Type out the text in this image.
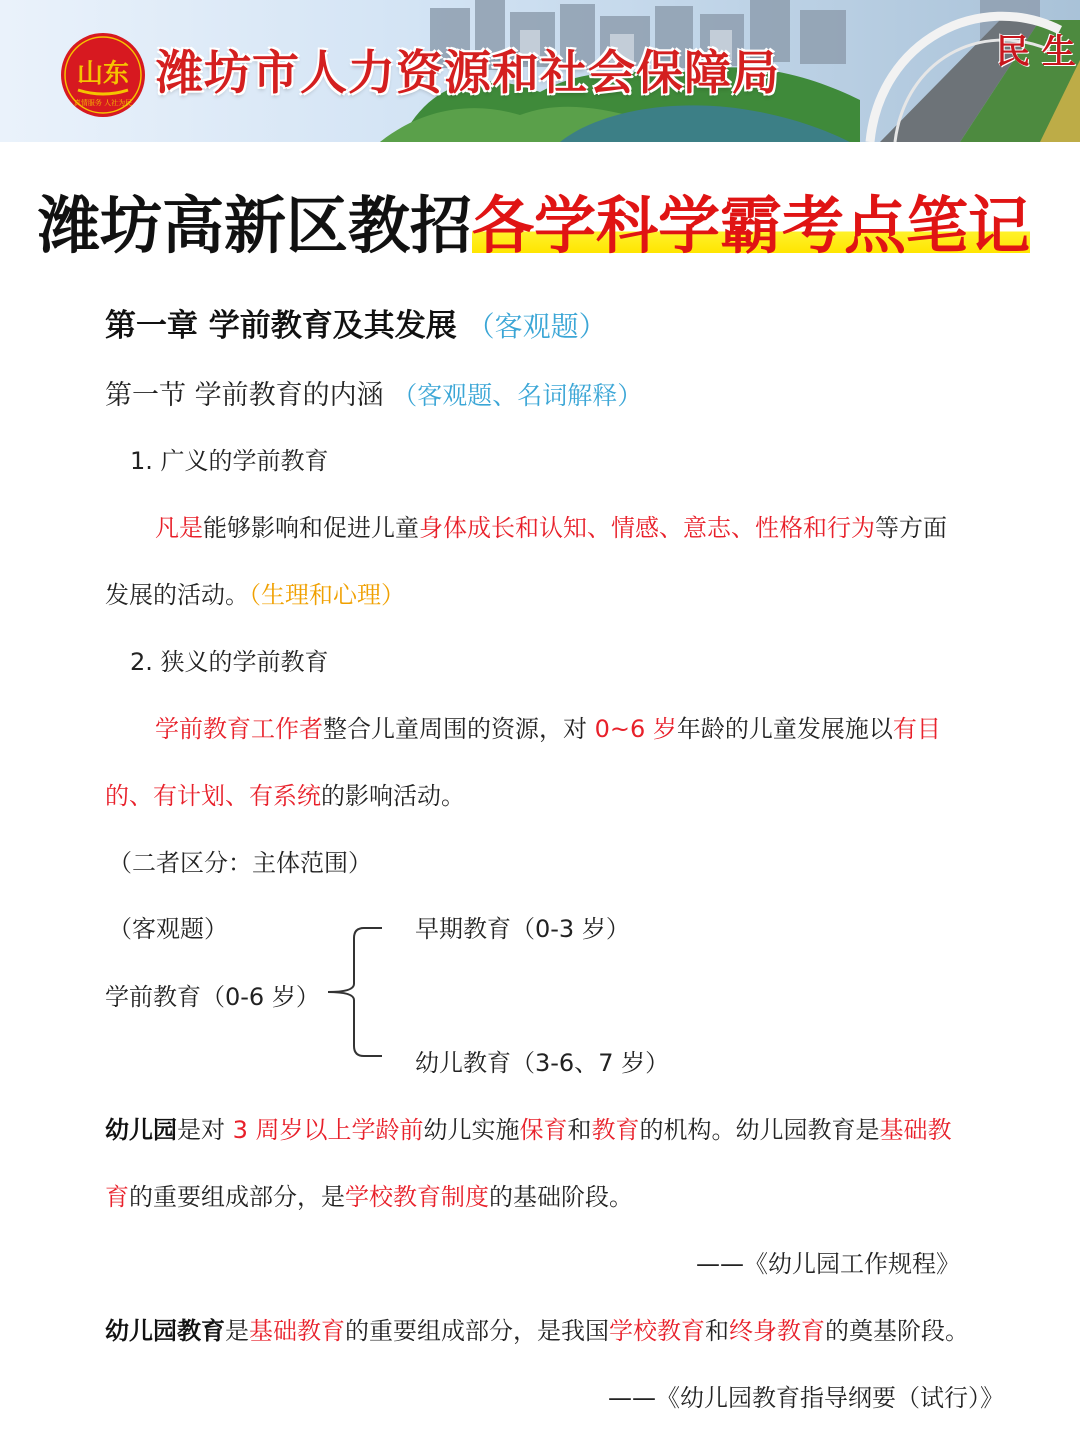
山东
真情服务 人社为民
潍坊市人力资源和社会保障局	民 生
潍坊高新区教招各学科学霸考点笔记
第一章 学前教育及其发展 （客观题）
第一节 学前教育的内涵 （客观题、名词解释）
1. 广义的学前教育
凡是能够影响和促进儿童身体成长和认知、情感、意志、性格和行为等方面
发展的活动。（生理和心理）
2. 狭义的学前教育
学前教育工作者整合儿童周围的资源，对 0~6 岁年龄的儿童发展施以有目
的、有计划、有系统的影响活动。
（二者区分：主体范围）
（客观题）
学前教育（0-6 岁）
早期教育（0-3 岁）
幼儿教育（3-6、7 岁）
幼儿园是对 3 周岁以上学龄前幼儿实施保育和教育的机构。幼儿园教育是基础教
育的重要组成部分，是学校教育制度的基础阶段。
——《幼儿园工作规程》
幼儿园教育是基础教育的重要组成部分，是我国学校教育和终身教育的奠基阶段。
——《幼儿园教育指导纲要（试行）》
